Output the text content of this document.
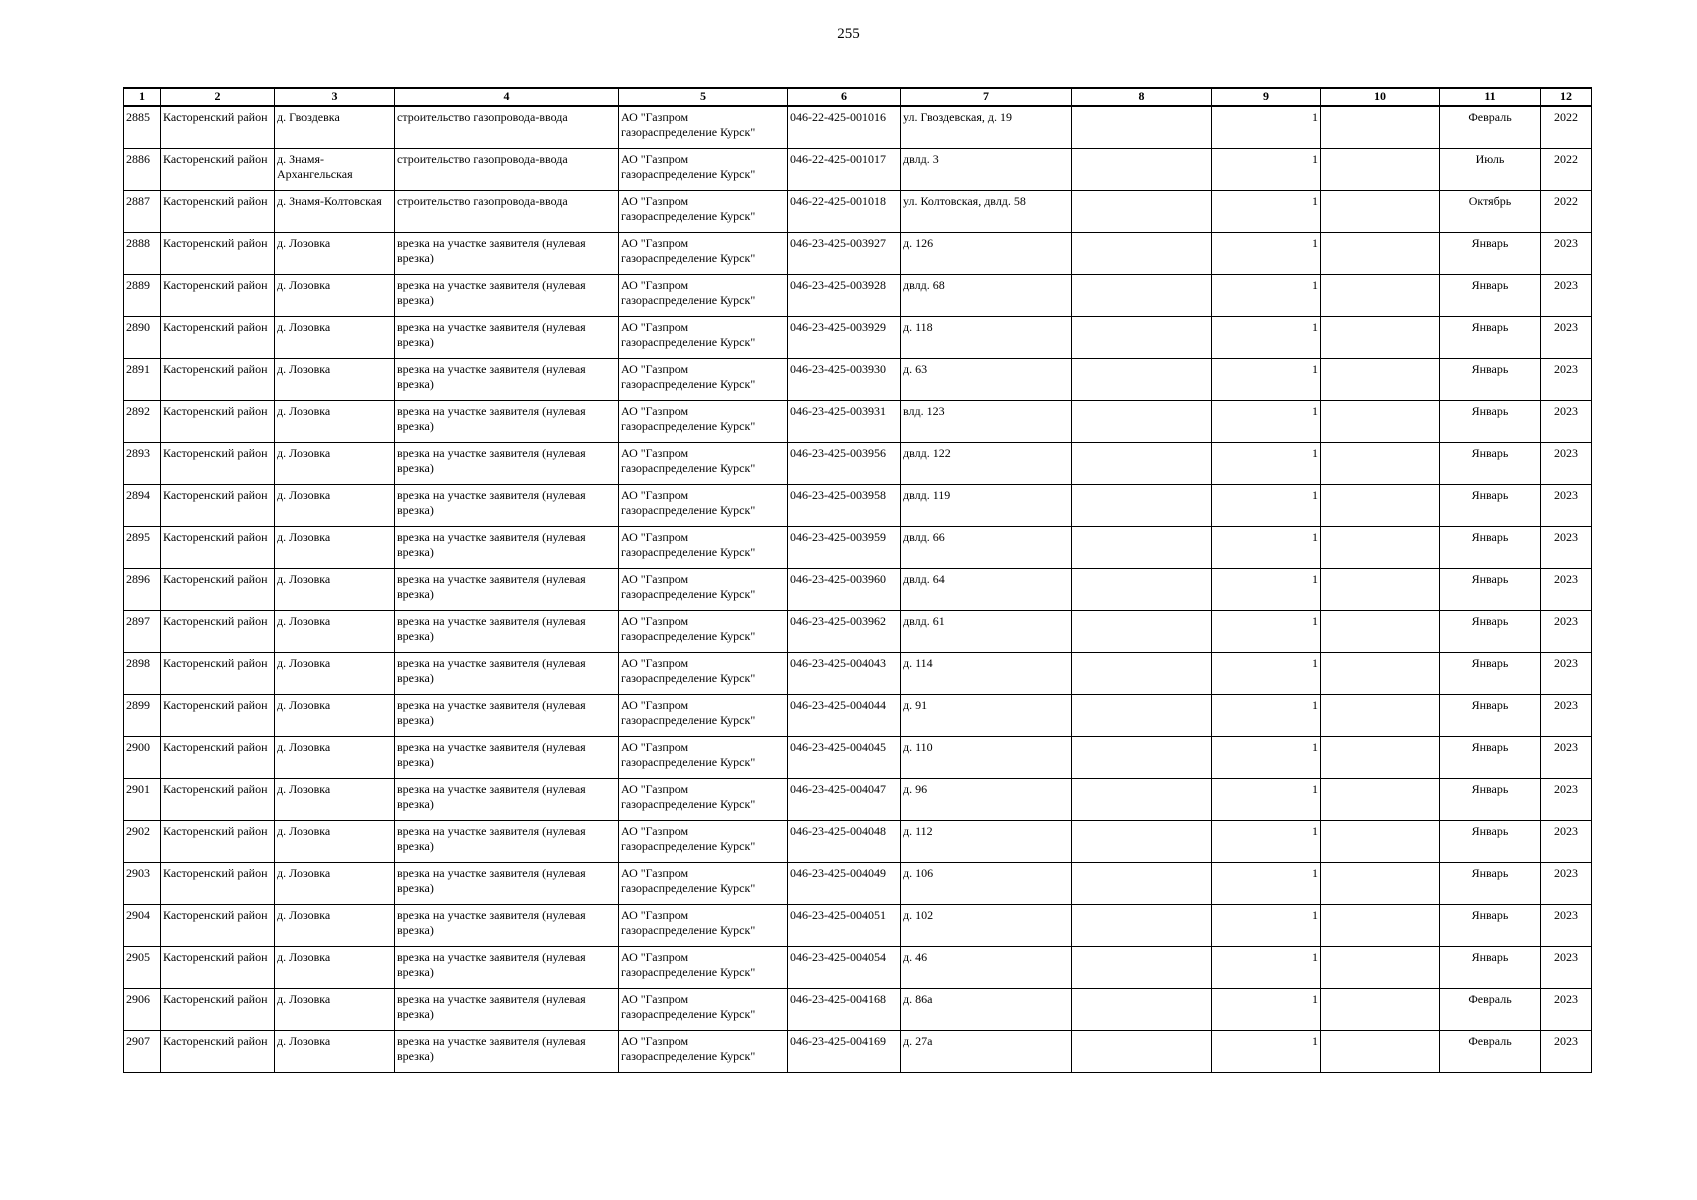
255
1	2	3	4	5	6	7	8	9	10	11	12
2885	Касторенский район	д. Гвоздевка	строительство газопровода-ввода	АО "Газпром газораспределение Курск"	046-22-425-001016	ул. Гвоздевская, д. 19		1		Февраль	2022
2886	Касторенский район	д. Знамя-Архангельская	строительство газопровода-ввода	АО "Газпром газораспределение Курск"	046-22-425-001017	двлд. 3		1		Июль	2022
2887	Касторенский район	д. Знамя-Колтовская	строительство газопровода-ввода	АО "Газпром газораспределение Курск"	046-22-425-001018	ул. Колтовская, двлд. 58		1		Октябрь	2022
2888	Касторенский район	д. Лозовка	врезка на участке заявителя (нулевая врезка)	АО "Газпром газораспределение Курск"	046-23-425-003927	д. 126		1		Январь	2023
2889	Касторенский район	д. Лозовка	врезка на участке заявителя (нулевая врезка)	АО "Газпром газораспределение Курск"	046-23-425-003928	двлд. 68		1		Январь	2023
2890	Касторенский район	д. Лозовка	врезка на участке заявителя (нулевая врезка)	АО "Газпром газораспределение Курск"	046-23-425-003929	д. 118		1		Январь	2023
2891	Касторенский район	д. Лозовка	врезка на участке заявителя (нулевая врезка)	АО "Газпром газораспределение Курск"	046-23-425-003930	д. 63		1		Январь	2023
2892	Касторенский район	д. Лозовка	врезка на участке заявителя (нулевая врезка)	АО "Газпром газораспределение Курск"	046-23-425-003931	влд. 123		1		Январь	2023
2893	Касторенский район	д. Лозовка	врезка на участке заявителя (нулевая врезка)	АО "Газпром газораспределение Курск"	046-23-425-003956	двлд. 122		1		Январь	2023
2894	Касторенский район	д. Лозовка	врезка на участке заявителя (нулевая врезка)	АО "Газпром газораспределение Курск"	046-23-425-003958	двлд. 119		1		Январь	2023
2895	Касторенский район	д. Лозовка	врезка на участке заявителя (нулевая врезка)	АО "Газпром газораспределение Курск"	046-23-425-003959	двлд. 66		1		Январь	2023
2896	Касторенский район	д. Лозовка	врезка на участке заявителя (нулевая врезка)	АО "Газпром газораспределение Курск"	046-23-425-003960	двлд. 64		1		Январь	2023
2897	Касторенский район	д. Лозовка	врезка на участке заявителя (нулевая врезка)	АО "Газпром газораспределение Курск"	046-23-425-003962	двлд. 61		1		Январь	2023
2898	Касторенский район	д. Лозовка	врезка на участке заявителя (нулевая врезка)	АО "Газпром газораспределение Курск"	046-23-425-004043	д. 114		1		Январь	2023
2899	Касторенский район	д. Лозовка	врезка на участке заявителя (нулевая врезка)	АО "Газпром газораспределение Курск"	046-23-425-004044	д. 91		1		Январь	2023
2900	Касторенский район	д. Лозовка	врезка на участке заявителя (нулевая врезка)	АО "Газпром газораспределение Курск"	046-23-425-004045	д. 110		1		Январь	2023
2901	Касторенский район	д. Лозовка	врезка на участке заявителя (нулевая врезка)	АО "Газпром газораспределение Курск"	046-23-425-004047	д. 96		1		Январь	2023
2902	Касторенский район	д. Лозовка	врезка на участке заявителя (нулевая врезка)	АО "Газпром газораспределение Курск"	046-23-425-004048	д. 112		1		Январь	2023
2903	Касторенский район	д. Лозовка	врезка на участке заявителя (нулевая врезка)	АО "Газпром газораспределение Курск"	046-23-425-004049	д. 106		1		Январь	2023
2904	Касторенский район	д. Лозовка	врезка на участке заявителя (нулевая врезка)	АО "Газпром газораспределение Курск"	046-23-425-004051	д. 102		1		Январь	2023
2905	Касторенский район	д. Лозовка	врезка на участке заявителя (нулевая врезка)	АО "Газпром газораспределение Курск"	046-23-425-004054	д. 46		1		Январь	2023
2906	Касторенский район	д. Лозовка	врезка на участке заявителя (нулевая врезка)	АО "Газпром газораспределение Курск"	046-23-425-004168	д. 86а		1		Февраль	2023
2907	Касторенский район	д. Лозовка	врезка на участке заявителя (нулевая врезка)	АО "Газпром газораспределение Курск"	046-23-425-004169	д. 27а		1		Февраль	2023
